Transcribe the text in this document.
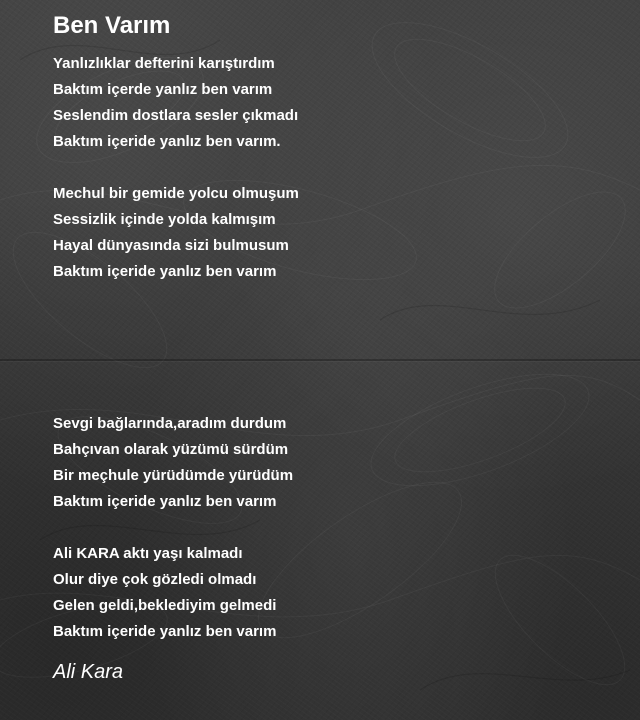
Ben Varım
Yanlızlıklar defterini karıştırdım
Baktım içerde yanlız ben varım
Seslendim dostlara sesler çıkmadı
Baktım içeride yanlız ben varım.
Mechul bir gemide yolcu olmuşum
Sessizlik içinde yolda kalmışım
Hayal dünyasında sizi bulmusum
Baktım içeride yanlız ben varım
Sevgi bağlarında,aradım durdum
Bahçıvan olarak yüzümü sürdüm
Bir meçhule yürüdümde yürüdüm
Baktım içeride yanlız ben varım
Ali KARA aktı yaşı kalmadı
Olur diye çok gözledi olmadı
Gelen geldi,beklediyim gelmedi
Baktım içeride yanlız ben varım

Ali Kara
